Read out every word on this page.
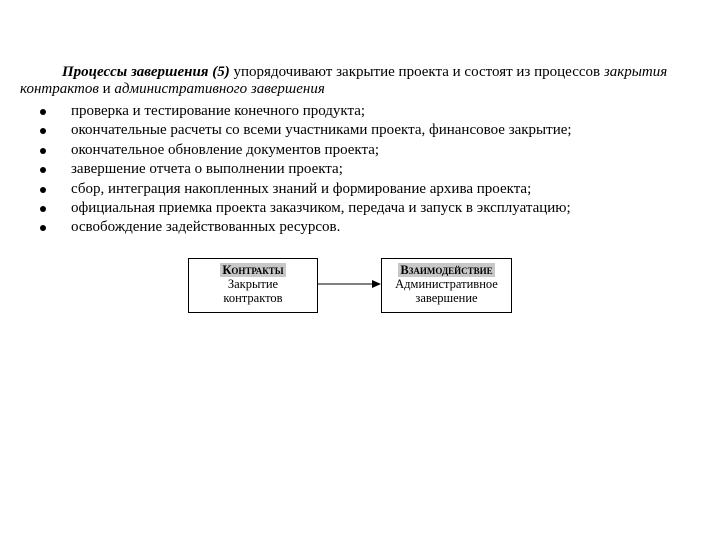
Процессы завершения (5) упорядочивают закрытие проекта и состоят из процессов закрытия контрактов и административного завершения

проверка и тестирование конечного продукта;
окончательные расчеты со всеми участниками проекта, финансовое закрытие;
окончательное обновление документов проекта;
завершение отчета о выполнении проекта;
сбор, интеграция накопленных знаний и формирование архива проекта;
официальная приемка проекта заказчиком, передача и запуск в эксплуатацию;
освобождение задействованных ресурсов.
Контракты
Закрытие
контрактов
Взаимодействие
Административное
завершение
